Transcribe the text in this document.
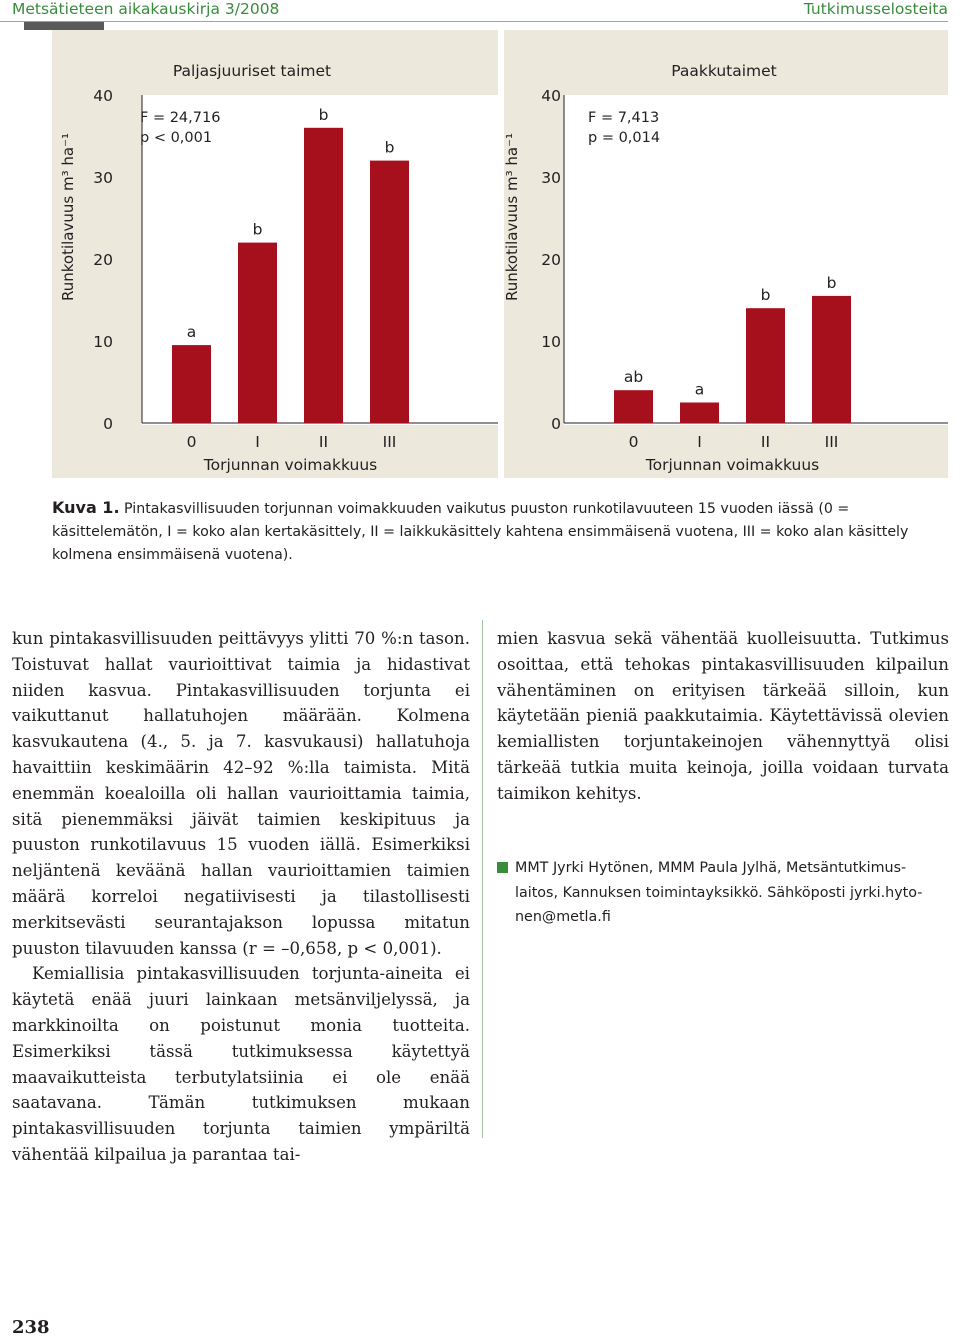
Metsätieteen aikakauskirja 3/2008	Tutkimusselosteita
0
10
20
30
40
Runkotilavuus m³ ha⁻¹
Paljasjuuriset taimet
F = 24,716
p < 0,001
a
0
b
I
b
II
b
III
Torjunnan voimakkuus
0
10
20
30
40
Runkotilavuus m³ ha⁻¹
Paakkutaimet
F = 7,413
p = 0,014
ab
0
a
I
b
II
b
III
Torjunnan voimakkuus
Kuva 1. Pintakasvillisuuden torjunnan voimakkuuden vaikutus puuston runkotilavuuteen 15 vuoden iässä (0 = käsittelemätön, I = koko alan kertakäsittely, II = laikkukäsittely kahtena ensimmäisenä vuotena, III = koko alan käsittely kolmena ensimmäisenä vuotena).

kun pintakasvillisuuden peittävyys ylitti 70 %:n tason. Toistuvat hallat vaurioittivat taimia ja hidastivat niiden kasvua. Pintakasvillisuuden torjunta ei vaikuttanut hallatuhojen määrään. Kolmena kasvukautena (4., 5. ja 7. kasvukausi) hallatuhoja havaittiin keskimäärin 42–92 %:lla taimista. Mitä enemmän koealoilla oli hallan vaurioittamia taimia, sitä pienemmäksi jäivät taimien keskipituus ja puuston runkotilavuus 15 vuoden iällä. Esimerkiksi neljäntenä keväänä hallan vaurioittamien taimien määrä korreloi negatiivisesti ja tilastollisesti merkitsevästi seurantajakson lopussa mitatun puuston tilavuuden kanssa (r = –0,658, p < 0,001).

Kemiallisia pintakasvillisuuden torjunta-aineita ei käytetä enää juuri lainkaan metsänviljelyssä, ja markkinoilta on poistunut monia tuotteita. Esimerkiksi tässä tutkimuksessa käytettyä maavaikutteista terbutylatsiinia ei ole enää saatavana. Tämän tutkimuksen mukaan pintakasvillisuuden torjunta taimien ympäriltä vähentää kilpailua ja parantaa tai-

mien kasvua sekä vähentää kuolleisuutta. Tutkimus osoittaa, että tehokas pintakasvillisuuden kilpailun vähentäminen on erityisen tärkeää silloin, kun käytetään pieniä paakkutaimia. Käytettävissä olevien kemiallisten torjuntakeinojen vähennyttyä olisi tärkeää tutkia muita keinoja, joilla voidaan turvata taimikon kehitys.

MMT Jyrki Hytönen, MMM Paula Jylhä, Metsäntutkimus-
laitos, Kannuksen toimintayksikkö. Sähköposti jyrki.hyto-
nen@metla.fi
238
